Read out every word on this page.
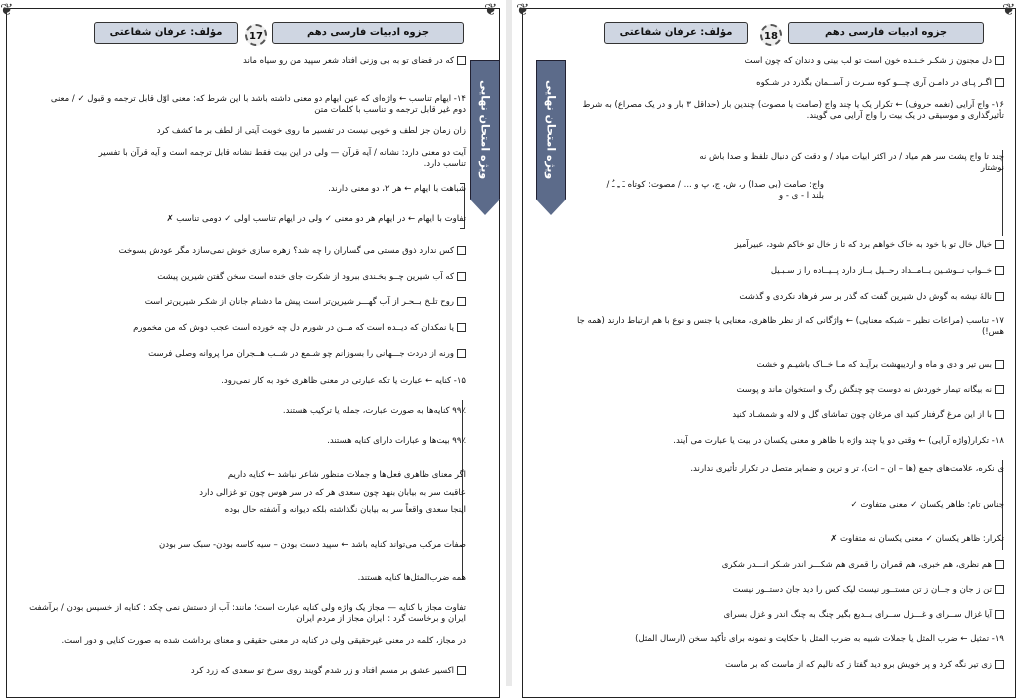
❦	❦
جزوه ادبیات فارسی دهم
17
مؤلف: عرفان شفاعتی
ویژه امتحان نهایی
که در فضای تو به بی وزنی افتاد شعر سپید من رو سیاه ماند
۱۴- ایهام تناسب ← واژه‌ای که عین ایهام دو معنی داشته باشد با این شرط که: معنی اوّل قابل ترجمه و قبول ✓ / معنی دوم غیر قابل ترجمه و تناسب با کلمات متن
زان زمان جز لطف و خوبی نیست در تفسیر ما روی خوبت آیتی از لطف بر ما کشف کرد
آیت دو معنی دارد: نشانه / آیه قرآن — ولی در این بیت فقط نشانه قابل ترجمه است و آیه قرآن با تفسیر تناسب دارد.
شباهت با ایهام ← هر ۲، دو معنی دارند.
تفاوت با ایهام ← در ایهام هر دو معنی ✓ ولی در ایهام تناسب اولی ✓ دومی تناسب ✗
کس ندارد ذوق مستی می گساران را چه شد؟ زهره سازی خوش نمی‌سازد مگر عودش بسوخت
که آب شیرین چــو بخـندی ببرود از شکرت جای خنده است سخن گفتن شیرین پیشت
روح تلـخ بــحـر از آب گهـــر شیرین‌تر است پیش ما دشنام جانان از شکـر شیرین‌تر است
یا نمکدان که دیــده است که مــن در شورم دل چه خورده است عجب دوش که من مخمورم
ورنه از دردت جـــهانی را بسوزانم چو شـمع در شــب هــجران مرا پروانه وصلی فرست
۱۵- کنایه ← عبارت یا تکه عبارتی در معنی ظاهری خود به کار نمی‌رود.
۹۹٪ کنایه‌ها به صورت عبارت، جمله یا ترکیب هستند.
۹۹٪ بیت‌ها و عبارات دارای کنایه هستند.
اگر معنای ظاهری فعل‌ها و جملات منظور شاعر نباشد ← کنایه داریم
عاقبت سر به بیابان بنهد چون سعدی هر که در سر هوس چون تو غزالی دارد
اینجا سعدی واقعاً سر به بیابان نگذاشته بلکه دیوانه و آشفته حال بوده
صفات مرکب می‌تواند کنایه باشد ← سپید دست بودن – سیه کاسه بودن- سبک سر بودن
همه ضرب‌المثل‌ها کنایه هستند.
تفاوت مجاز با کنایه — مجاز یک واژه ولی کنایه عبارت است؛ مانند: آب از دستش نمی چکد : کنایه از خسیس بودن / برآشفت ایران و برخاست گرد : ایران مجاز از مردم ایران
در مجاز، کلمه در معنی غیرحقیقی ولی در کنایه در معنی حقیقی و معنای برداشت شده به صورت کنایی و دور است.
اکسیر عشق بر مسم افتاد و زر شدم گویند روی سرخ تو سعدی که زرد کرد
❦	❦
جزوه ادبیات فارسی دهم
18
مؤلف: عرفان شفاعتی
ویژه امتحان نهایی
دل مجنون ز شکـر خـنـده خون است تو لب بینی و دندان که چون است
اگـر پـای در دامـن آری چـــو کوه سـرت ز آســمان بگذرد در شـکوه
۱۶- واج آرایی (نغمه حروف) ← تکرار یک یا چند واج (صامت یا مصوت) چندین بار (حداقل ۳ بار و در یک مصراع) به شرط تأثیرگذاری و موسیقی در یک بیت را واج آرایی می گویند.
چند تا واج پشت سر هم میاد / در اکثر ابیات میاد / و دقت کن دنبال تلفظ و صدا باش نه نوشتار
واج: صامت (بی صدا) ر، ش، ج، پ و ... / مصوت: کوتاه ـَ ـِ ـُ / بلند ا - ی - و
خیال خال تو با خود به خاک خواهم برد که تا ز خال تو خاکم شود، عبیرآمیز
خــواب نــوشـین بــامــداد رحــیل بــاز دارد پــیــاده را ز سـبـیل
نالهٔ نیشه به گوش دل شیرین گفت که گذر بر سر فرهاد نکردی و گذشت
۱۷- تناسب (مراعات نظیر – شبکه معنایی) ← واژگانی که از نظر ظاهری، معنایی یا جنس و نوع با هم ارتباط دارند (همه جا هس!)
بس تیر و دی و ماه و اردیبهشت برآیـد که مـا خــاک باشیـم و خشت
نه بیگانه تیمار خوردش نه دوست چو چنگش رگ و استخوان ماند و پوست
با از این مرغ گرفتار کنید ای مرغان چون تماشای گل و لاله و شمشـاد کنید
۱۸- تکرار(واژه آرایی) ← وقتی دو یا چند واژه با ظاهر و معنی یکسان در بیت یا عبارت می آیند.
ی نکره، علامت‌های جمع (ها – ان – ات)، تر و ترین و ضمایر متصل در تکرار تأثیری ندارند.
جناس تام: ظاهر یکسان ✓ معنی متفاوت ✓
تکرار: ظاهر یکسان ✓ معنی یکسان نه متفاوت ✗
هم نظری، هم خبری، هم قمران را قمری هم شکـــر اندر شـکر انـــدر شکری
تن ز جان و جــان ز تن مستــور نیست لیک کس را دید جان دستــور نیست
آیا غزال ســرای و غـــزل ســرای بــدیع بگیر چنگ به چنگ اندر و غزل بسرای
۱۹- تمثیل ← ضرب المثل یا جملات شبیه به ضرب المثل با حکایت و نمونه برای تأکید سخن (ارسال المثل)
زی تیر نگه کرد و پر خویش برو دید گفتا ز که نالیم که از ماست که بر ماست
